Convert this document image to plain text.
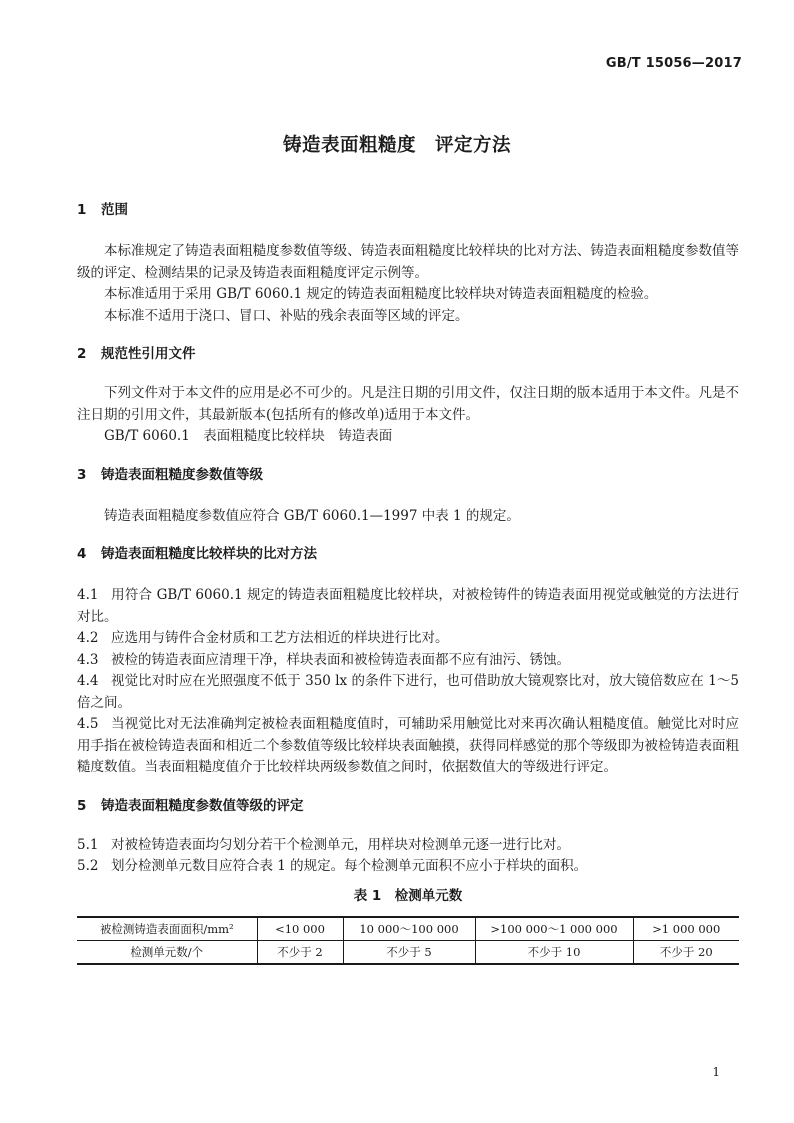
GB/T 15056—2017
铸造表面粗糙度　评定方法
1 范围

本标准规定了铸造表面粗糙度参数值等级、铸造表面粗糙度比较样块的比对方法、铸造表面粗糙度参数值等级的评定、检测结果的记录及铸造表面粗糙度评定示例等。

本标准适用于采用 GB/T 6060.1 规定的铸造表面粗糙度比较样块对铸造表面粗糙度的检验。

本标准不适用于浇口、冒口、补贴的残余表面等区域的评定。

2 规范性引用文件

下列文件对于本文件的应用是必不可少的。凡是注日期的引用文件，仅注日期的版本适用于本文件。凡是不注日期的引用文件，其最新版本(包括所有的修改单)适用于本文件。

GB/T 6060.1　表面粗糙度比较样块　铸造表面

3 铸造表面粗糙度参数值等级

铸造表面粗糙度参数值应符合 GB/T 6060.1—1997 中表 1 的规定。

4 铸造表面粗糙度比较样块的比对方法

4.1 用符合 GB/T 6060.1 规定的铸造表面粗糙度比较样块，对被检铸件的铸造表面用视觉或触觉的方法进行对比。

4.2 应选用与铸件合金材质和工艺方法相近的样块进行比对。

4.3 被检的铸造表面应清理干净，样块表面和被检铸造表面都不应有油污、锈蚀。

4.4 视觉比对时应在光照强度不低于 350 lx 的条件下进行，也可借助放大镜观察比对，放大镜倍数应在 1～5 倍之间。

4.5 当视觉比对无法准确判定被检表面粗糙度值时，可辅助采用触觉比对来再次确认粗糙度值。触觉比对时应用手指在被检铸造表面和相近二个参数值等级比较样块表面触摸，获得同样感觉的那个等级即为被检铸造表面粗糙度数值。当表面粗糙度值介于比较样块两级参数值之间时，依据数值大的等级进行评定。

5 铸造表面粗糙度参数值等级的评定

5.1 对被检铸造表面均匀划分若干个检测单元，用样块对检测单元逐一进行比对。

5.2 划分检测单元数目应符合表 1 的规定。每个检测单元面积不应小于样块的面积。

表 1　检测单元数
被检测铸造表面面积/mm²	<10 000	10 000～100 000	>100 000～1 000 000	>1 000 000
检测单元数/个	不少于 2	不少于 5	不少于 10	不少于 20
1
